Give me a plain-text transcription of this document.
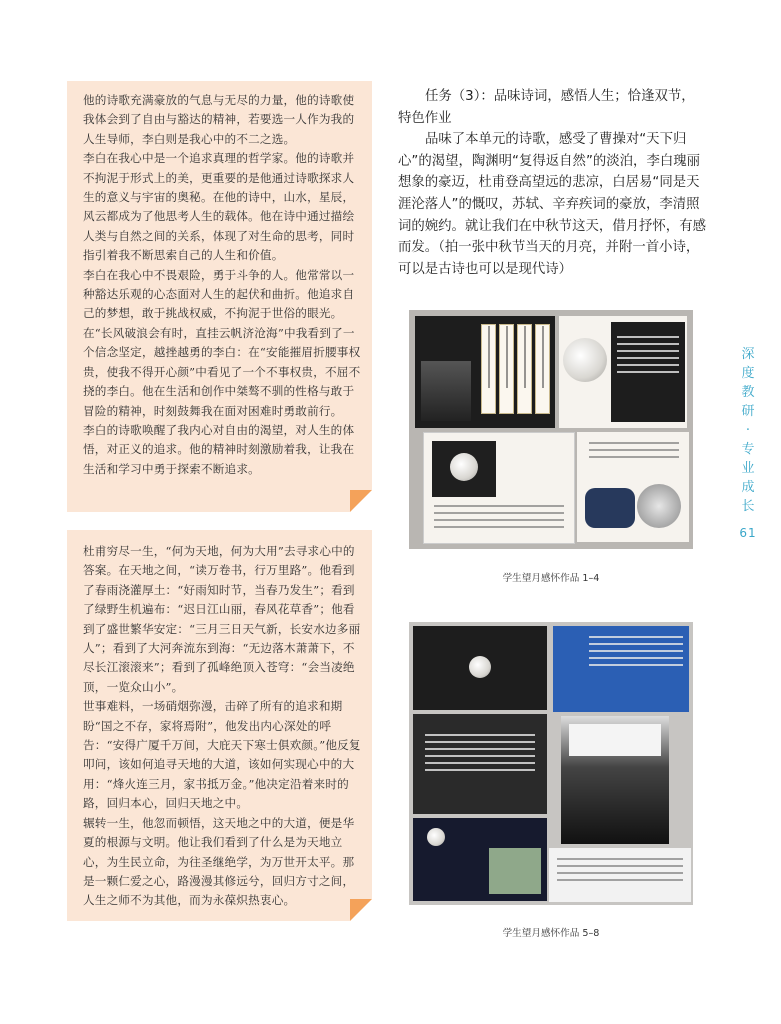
他的诗歌充满豪放的气息与无尽的力量，他的诗歌使我体会到了自由与豁达的精神，若要选一人作为我的人生导师，李白则是我心中的不二之选。

李白在我心中是一个追求真理的哲学家。他的诗歌并不拘泥于形式上的美，更重要的是他通过诗歌探求人生的意义与宇宙的奥秘。在他的诗中，山水，星辰，风云都成为了他思考人生的载体。他在诗中通过描绘人类与自然之间的关系，体现了对生命的思考，同时指引着我不断思索自己的人生和价值。

李白在我心中不畏艰险，勇于斗争的人。他常常以一种豁达乐观的心态面对人生的起伏和曲折。他追求自己的梦想，敢于挑战权威，不拘泥于世俗的眼光。在“长风破浪会有时，直挂云帆济沧海”中我看到了一个信念坚定，越挫越勇的李白：在“安能摧眉折腰事权贵，使我不得开心颜”中看见了一个不事权贵，不屈不挠的李白。他在生活和创作中桀骜不驯的性格与敢于冒险的精神，时刻鼓舞我在面对困难时勇敢前行。

李白的诗歌唤醒了我内心对自由的渴望，对人生的体悟，对正义的追求。他的精神时刻激励着我，让我在生活和学习中勇于探索不断追求。

杜甫穷尽一生，“何为天地，何为大用”去寻求心中的答案。在天地之间，“读万卷书，行万里路”。他看到了春雨浇灌厚土：“好雨知时节，当春乃发生”；看到了绿野生机遍布：“迟日江山丽，春风花草香”；他看到了盛世繁华安定：“三月三日天气新，长安水边多丽人”；看到了大河奔流东到海：“无边落木萧萧下，不尽长江滚滚来”；看到了孤峰绝顶入苍穹：“会当凌绝顶，一览众山小”。

世事难料，一场硝烟弥漫，击碎了所有的追求和期盼“国之不存，家将焉附”，他发出内心深处的呼告：“安得广厦千万间，大庇天下寒士俱欢颜。”他反复叩问，该如何追寻天地的大道，该如何实现心中的大用：“烽火连三月，家书抵万金。”他决定沿着来时的路，回归本心，回归天地之中。

辗转一生，他忽而顿悟，这天地之中的大道，便是华夏的根源与文明。他让我们看到了什么是为天地立心，为生民立命，为往圣继绝学，为万世开太平。那是一颗仁爱之心，路漫漫其修远兮，回归方寸之间，人生之师不为其他，而为永葆炽热衷心。

任务（3）：品味诗词，感悟人生；恰逢双节，特色作业

品味了本单元的诗歌，感受了曹操对“天下归心”的渴望，陶渊明“复得返自然”的淡泊，李白瑰丽想象的豪迈，杜甫登高望远的悲凉，白居易“同是天涯沦落人”的慨叹，苏轼、辛弃疾词的豪放，李清照词的婉约。就让我们在中秋节这天，借月抒怀，有感而发。（拍一张中秋节当天的月亮，并附一首小诗，可以是古诗也可以是现代诗）

学生望月感怀作品 1–4
学生望月感怀作品 5–8
深
度
教
研
·
专
业
成
长
61
